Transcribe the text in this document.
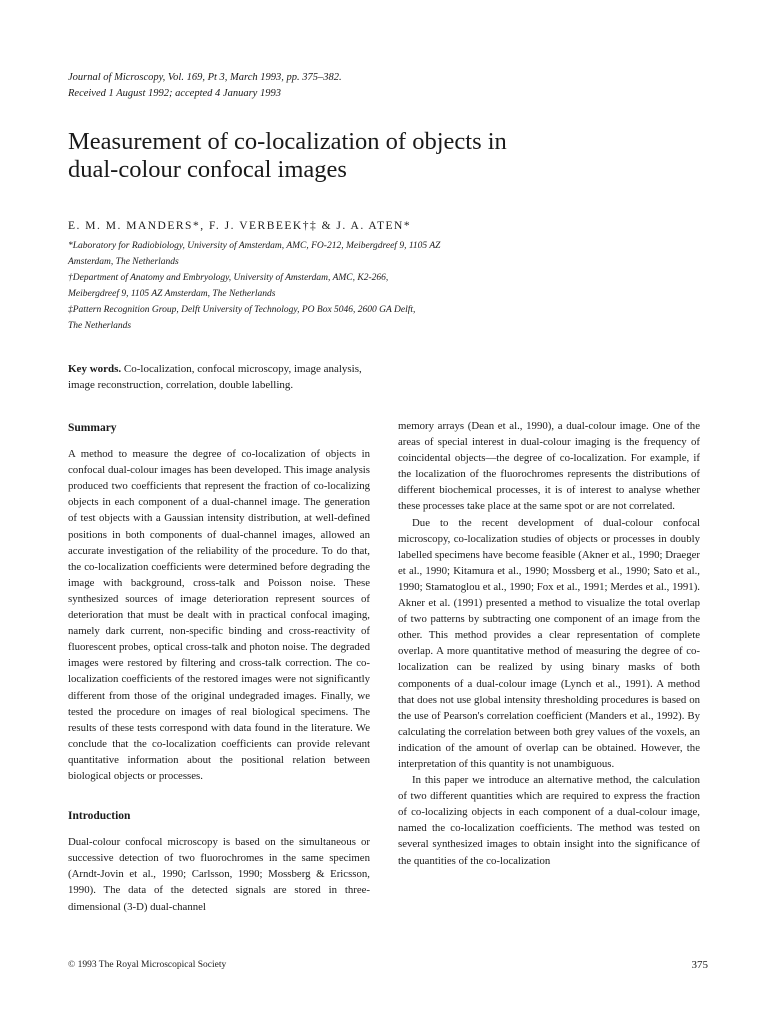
Journal of Microscopy, Vol. 169, Pt 3, March 1993, pp. 375–382.
Received 1 August 1992; accepted 4 January 1993
Measurement of co-localization of objects in
dual-colour confocal images
E. M. M. MANDERS*, F. J. VERBEEK†‡ & J. A. ATEN*
*Laboratory for Radiobiology, University of Amsterdam, AMC, FO-212, Meibergdreef 9, 1105 AZ
Amsterdam, The Netherlands
†Department of Anatomy and Embryology, University of Amsterdam, AMC, K2-266,
Meibergdreef 9, 1105 AZ Amsterdam, The Netherlands
‡Pattern Recognition Group, Delft University of Technology, PO Box 5046, 2600 GA Delft,
The Netherlands
Key words. Co-localization, confocal microscopy, image analysis,
image reconstruction, correlation, double labelling.
Summary

A method to measure the degree of co-localization of objects in confocal dual-colour images has been developed. This image analysis produced two coefficients that represent the fraction of co-localizing objects in each component of a dual-channel image. The generation of test objects with a Gaussian intensity distribution, at well-defined positions in both components of dual-channel images, allowed an accurate investigation of the reliability of the procedure. To do that, the co-localization coefficients were determined before degrading the image with background, cross-talk and Poisson noise. These synthesized sources of image deterioration represent sources of deterioration that must be dealt with in practical confocal imaging, namely dark current, non-specific binding and cross-reactivity of fluorescent probes, optical cross-talk and photon noise. The degraded images were restored by filtering and cross-talk correction. The co-localization coefficients of the restored images were not significantly different from those of the original undegraded images. Finally, we tested the procedure on images of real biological specimens. The results of these tests correspond with data found in the literature. We conclude that the co-localization coefficients can provide relevant quantitative information about the positional relation between biological objects or processes.

Introduction

Dual-colour confocal microscopy is based on the simultaneous or successive detection of two fluorochromes in the same specimen (Arndt-Jovin et al., 1990; Carlsson, 1990; Mossberg & Ericsson, 1990). The data of the detected signals are stored in three-dimensional (3-D) dual-channel

memory arrays (Dean et al., 1990), a dual-colour image. One of the areas of special interest in dual-colour imaging is the frequency of coincidental objects—the degree of co-localization. For example, if the localization of the fluorochromes represents the distributions of different biochemical processes, it is of interest to analyse whether these processes take place at the same spot or are not correlated.

Due to the recent development of dual-colour confocal microscopy, co-localization studies of objects or processes in doubly labelled specimens have become feasible (Akner et al., 1990; Draeger et al., 1990; Kitamura et al., 1990; Mossberg et al., 1990; Sato et al., 1990; Stamatoglou et al., 1990; Fox et al., 1991; Merdes et al., 1991). Akner et al. (1991) presented a method to visualize the total overlap of two patterns by subtracting one component of an image from the other. This method provides a clear representation of complete overlap. A more quantitative method of measuring the degree of co-localization can be realized by using binary masks of both components of a dual-colour image (Lynch et al., 1991). A method that does not use global intensity thresholding procedures is based on the use of Pearson's correlation coefficient (Manders et al., 1992). By calculating the correlation between both grey values of the voxels, an indication of the amount of overlap can be obtained. However, the interpretation of this quantity is not unambiguous.

In this paper we introduce an alternative method, the calculation of two different quantities which are required to express the fraction of co-localizing objects in each component of a dual-colour image, named the co-localization coefficients. The method was tested on several synthesized images to obtain insight into the significance of the quantities of the co-localization

© 1993 The Royal Microscopical Society	375
